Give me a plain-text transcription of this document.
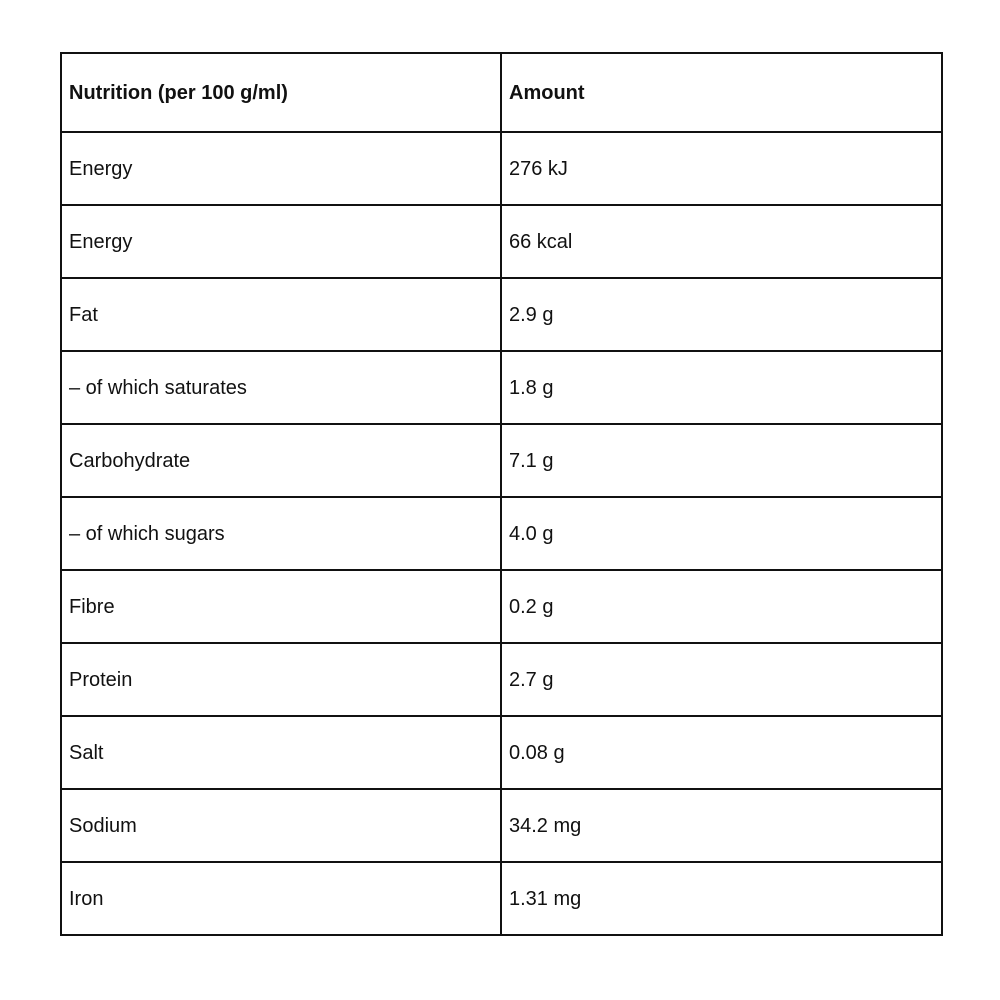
Nutrition (per 100 g/ml)	Amount
Energy	276 kJ
Energy	66 kcal
Fat	2.9 g
– of which saturates	1.8 g
Carbohydrate	7.1 g
– of which sugars	4.0 g
Fibre	0.2 g
Protein	2.7 g
Salt	0.08 g
Sodium	34.2 mg
Iron	1.31 mg
